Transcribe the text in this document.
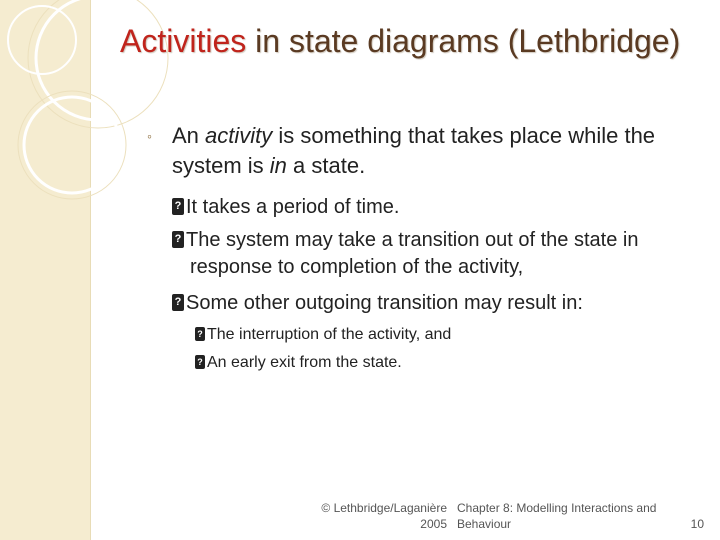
Activities in state diagrams (Lethbridge)
◦ An activity is something that takes place while the system is in a state.
?It takes a period of time.
?The system may take a transition out of the state in response to completion of the activity,
?Some other outgoing transition may result in:
?The interruption of the activity, and
?An early exit from the state.
© Lethbridge/Laganière
2005
Chapter 8: Modelling Interactions and
Behaviour	10
